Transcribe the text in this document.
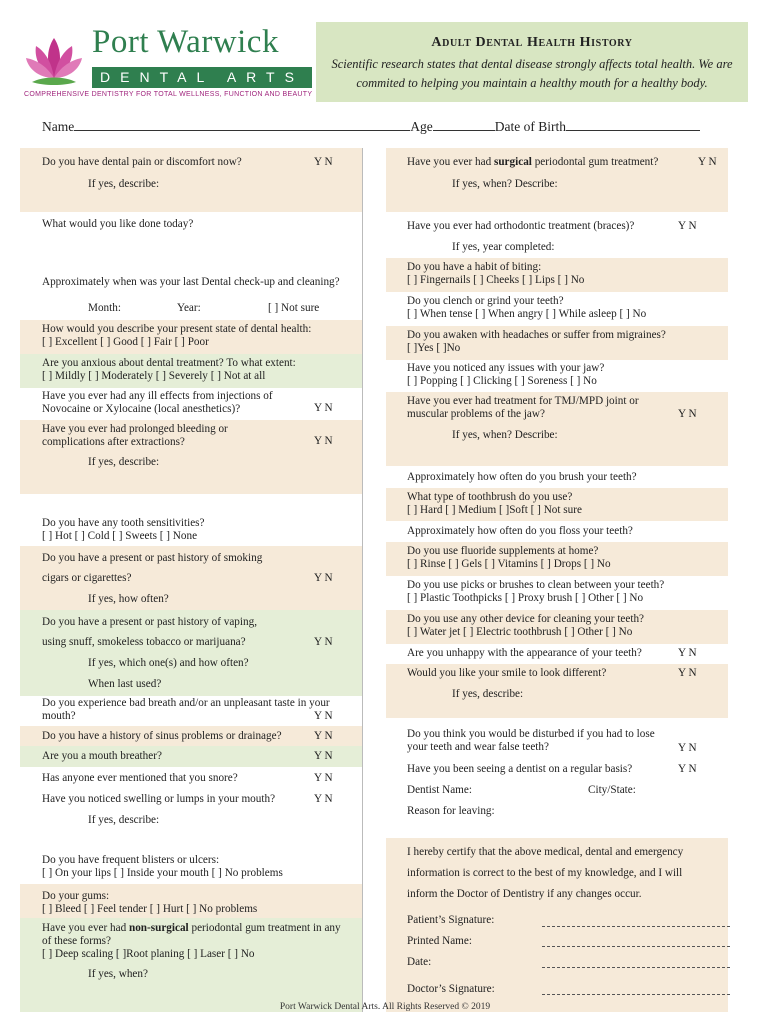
Port Warwick
DENTAL ARTS
COMPREHENSIVE DENTISTRY FOR TOTAL WELLNESS, FUNCTION AND BEAUTY
Adult Dental Health History
Scientific research states that dental disease strongly affects total health. We are
commited to helping you maintain a healthy mouth for a healthy body.
Name	Age	Date of Birth
Do you have dental pain or discomfort now?	Y N
If yes, describe:
What would you like done today?
Approximately when was your last Dental check-up and cleaning?
Month:	Year:	[ ] Not sure
How would you describe your present state of dental health:
[ ] Excellent [ ] Good [ ] Fair [ ] Poor
Are you anxious about dental treatment? To what extent:
[ ] Mildly [ ] Moderately [ ] Severely [ ] Not at all
Have you ever had any ill effects from injections of Novocaine or Xylocaine (local anesthetics)?	Y N
Have you ever had prolonged bleeding or complications after extractions?	Y N
If yes, describe:
Do you have any tooth sensitivities?
[ ] Hot [ ] Cold [ ] Sweets [ ] None
Do you have a present or past history of smoking
cigars or cigarettes?	Y N
If yes, how often?
Do you have a present or past history of vaping,
using snuff, smokeless tobacco or marijuana?	Y N
If yes, which one(s) and how often?
When last used?
Do you experience bad breath and/or an unpleasant taste in your mouth?	Y N
Do you have a history of sinus problems or drainage?	Y N
Are you a mouth breather?	Y N
Has anyone ever mentioned that you snore?	Y N
Have you noticed swelling or lumps in your mouth?	Y N
If yes, describe:
Do you have frequent blisters or ulcers:
[ ] On your lips [ ] Inside your mouth [ ] No problems
Do your gums:
[ ] Bleed [ ] Feel tender [ ] Hurt [ ] No problems
Have you ever had non-surgical periodontal gum treatment in any of these forms?
[ ] Deep scaling [ ]Root planing [ ] Laser [ ] No
If yes, when?
Have you ever had surgical periodontal gum treatment?	Y N
If yes, when? Describe:
Have you ever had orthodontic treatment (braces)?	Y N
If yes, year completed:
Do you have a habit of biting:
[ ] Fingernails [ ] Cheeks [ ] Lips [ ] No
Do you clench or grind your teeth?
[ ] When tense [ ] When angry [ ] While asleep [ ] No
Do you awaken with headaches or suffer from migraines?
[ ]Yes [ ]No
Have you noticed any issues with your jaw?
[ ] Popping [ ] Clicking [ ] Soreness [ ] No
Have you ever had treatment for TMJ/MPD joint or muscular problems of the jaw?	Y N
If yes, when? Describe:
Approximately how often do you brush your teeth?
What type of toothbrush do you use?
[ ] Hard [ ] Medium [ ]Soft [ ] Not sure
Approximately how often do you floss your teeth?
Do you use fluoride supplements at home?
[ ] Rinse [ ] Gels [ ] Vitamins [ ] Drops [ ] No
Do you use picks or brushes to clean between your teeth?
[ ] Plastic Toothpicks [ ] Proxy brush [ ] Other [ ] No
Do you use any other device for cleaning your teeth?
[ ] Water jet [ ] Electric toothbrush [ ] Other [ ] No
Are you unhappy with the appearance of your teeth?	Y N
Would you like your smile to look different?	Y N
If yes, describe:
Do you think you would be disturbed if you had to lose your teeth and wear false teeth?	Y N
Have you been seeing a dentist on a regular basis?	Y N
Dentist Name:	City/State:
Reason for leaving:
I hereby certify that the above medical, dental and emergency
information is correct to the best of my knowledge, and I will
inform the Doctor of Dentistry if any changes occur.
Patient’s Signature:
Printed Name:
Date:
Doctor’s Signature:
Port Warwick Dental Arts. All Rights Reserved © 2019
